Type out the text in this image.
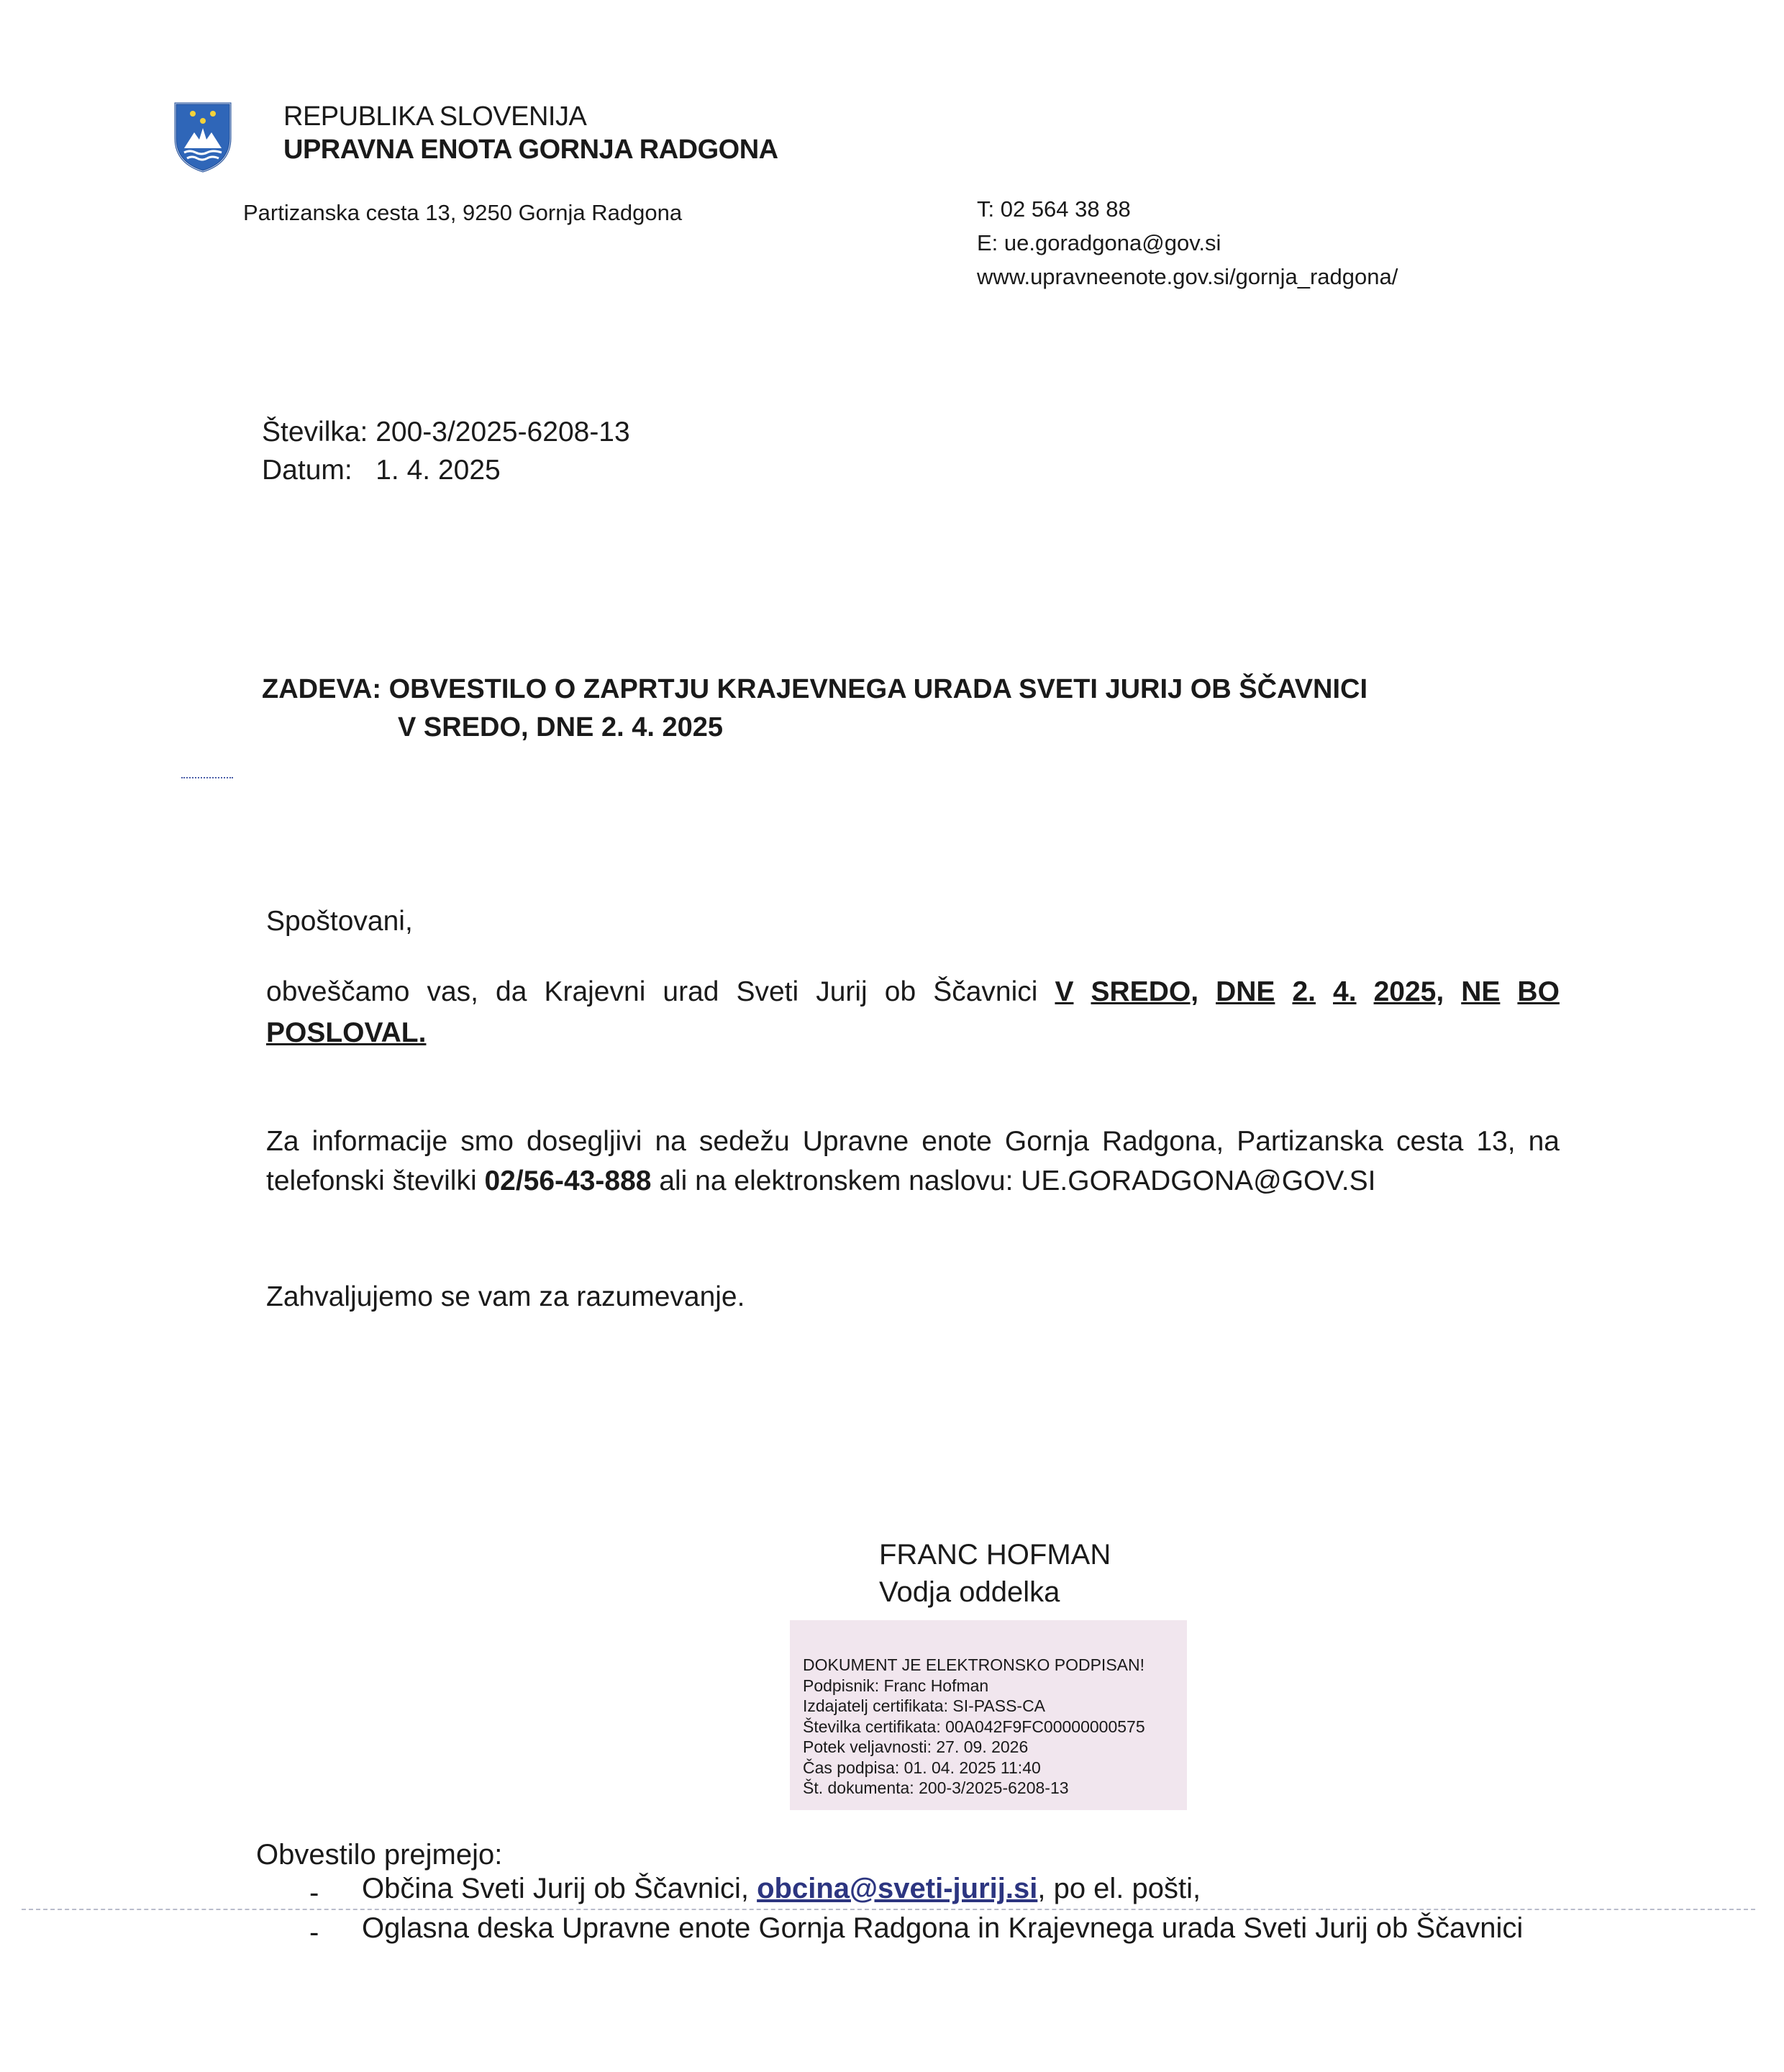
REPUBLIKA SLOVENIJA
UPRAVNA ENOTA GORNJA RADGONA
Partizanska cesta 13, 9250 Gornja Radgona	T: 02 564 38 88
E: ue.goradgona@gov.si
www.upravneenote.gov.si/gornja_radgona/
Številka: 200-3/2025-6208-13
Datum: 1. 4. 2025
ZADEVA: OBVESTILO O ZAPRTJU KRAJEVNEGA URADA SVETI JURIJ OB ŠČAVNICI
V SREDO, DNE 2. 4. 2025
Spoštovani,
obveščamo vas, da Krajevni urad Sveti Jurij ob Ščavnici V SREDO, DNE 2. 4. 2025, NE BO
POSLOVAL.
Za informacije smo dosegljivi na sedežu Upravne enote Gornja Radgona, Partizanska cesta 13, na
telefonski številki 02/56-43-888 ali na elektronskem naslovu: UE.GORADGONA@GOV.SI
Zahvaljujemo se vam za razumevanje.
FRANC HOFMAN
Vodja oddelka
DOKUMENT JE ELEKTRONSKO PODPISAN!
Podpisnik: Franc Hofman
Izdajatelj certifikata: SI-PASS-CA
Številka certifikata: 00A042F9FC00000000575
Potek veljavnosti: 27. 09. 2026
Čas podpisa: 01. 04. 2025 11:40
Št. dokumenta: 200-3/2025-6208-13
Obvestilo prejmejo:
- Občina Sveti Jurij ob Ščavnici, obcina@sveti-jurij.si, po el. pošti,
- Oglasna deska Upravne enote Gornja Radgona in Krajevnega urada Sveti Jurij ob Ščavnici
